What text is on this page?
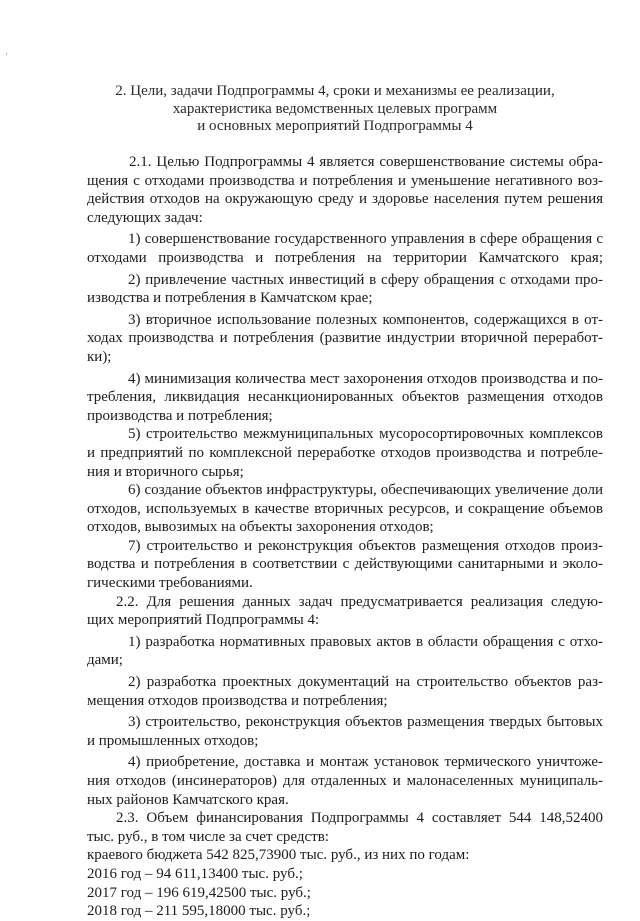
·
2. Цели, задачи Подпрограммы 4, сроки и механизмы ее реализации,
характеристика ведомственных целевых программ
и основных мероприятий Подпрограммы 4
2.1. Целью Подпрограммы 4 является совершенствование системы обра-
щения с отходами производства и потребления и уменьшение негативного воз-
действия отходов на окружающую среду и здоровье населения путем решения
следующих задач:
1) совершенствование государственного управления в сфере обращения с
отходами производства и потребления на территории Камчатского края;
2) привлечение частных инвестиций в сферу обращения с отходами про-
изводства и потребления в Камчатском крае;
3) вторичное использование полезных компонентов, содержащихся в от-
ходах производства и потребления (развитие индустрии вторичной переработ-
ки);
4) минимизация количества мест захоронения отходов производства и по-
требления, ликвидация несанкционированных объектов размещения отходов
производства и потребления;
5) строительство межмуниципальных мусоросортировочных комплексов
и предприятий по комплексной переработке отходов производства и потребле-
ния и вторичного сырья;
6) создание объектов инфраструктуры, обеспечивающих увеличение доли
отходов, используемых в качестве вторичных ресурсов, и сокращение объемов
отходов, вывозимых на объекты захоронения отходов;
7) строительство и реконструкция объектов размещения отходов произ-
водства и потребления в соответствии с действующими санитарными и эколо-
гическими требованиями.
2.2. Для решения данных задач предусматривается реализация следую-
щих мероприятий Подпрограммы 4:
1) разработка нормативных правовых актов в области обращения с отхо-
дами;
2) разработка проектных документаций на строительство объектов раз-
мещения отходов производства и потребления;
3) строительство, реконструкция объектов размещения твердых бытовых
и промышленных отходов;
4) приобретение, доставка и монтаж установок термического уничтоже-
ния отходов (инсинераторов) для отдаленных и малонаселенных муниципаль-
ных районов Камчатского края.
2.3. Объем финансирования Подпрограммы 4 составляет 544 148,52400
тыс. руб., в том числе за счет средств:
краевого бюджета 542 825,73900 тыс. руб., из них по годам:
2016 год – 94 611,13400 тыс. руб.;
2017 год – 196 619,42500 тыс. руб.;
2018 год – 211 595,18000 тыс. руб.;
